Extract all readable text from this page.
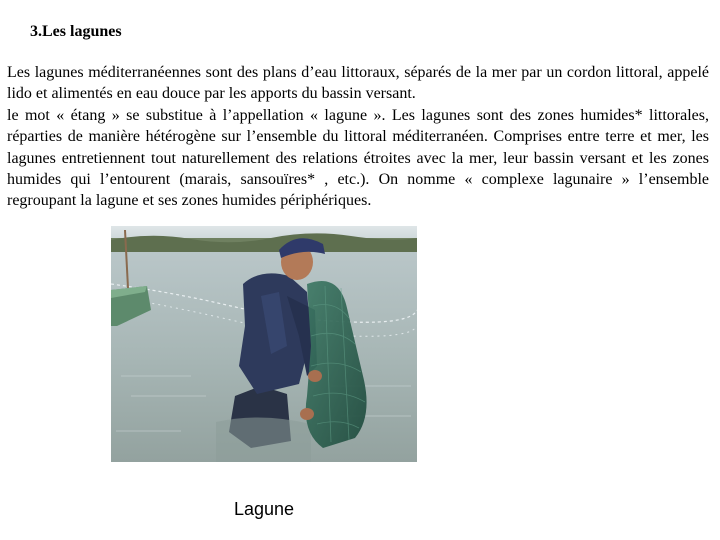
3.Les lagunes

Les lagunes méditerranéennes sont des plans d’eau littoraux, séparés de la mer par un cordon littoral, appelé lido et alimentés en eau douce par les apports du bassin versant.

le mot « étang » se substitue à l’appellation « lagune ». Les lagunes sont des zones humides* littorales, réparties de manière hétérogène sur l’ensemble du littoral méditerranéen. Comprises entre terre et mer, les lagunes entretiennent tout naturellement des relations étroites avec la mer, leur bassin versant et les zones humides qui l’entourent (marais, sansouïres* , etc.). On nomme « complexe lagunaire » l’ensemble regroupant la lagune et ses zones humides périphériques.

Lagune
